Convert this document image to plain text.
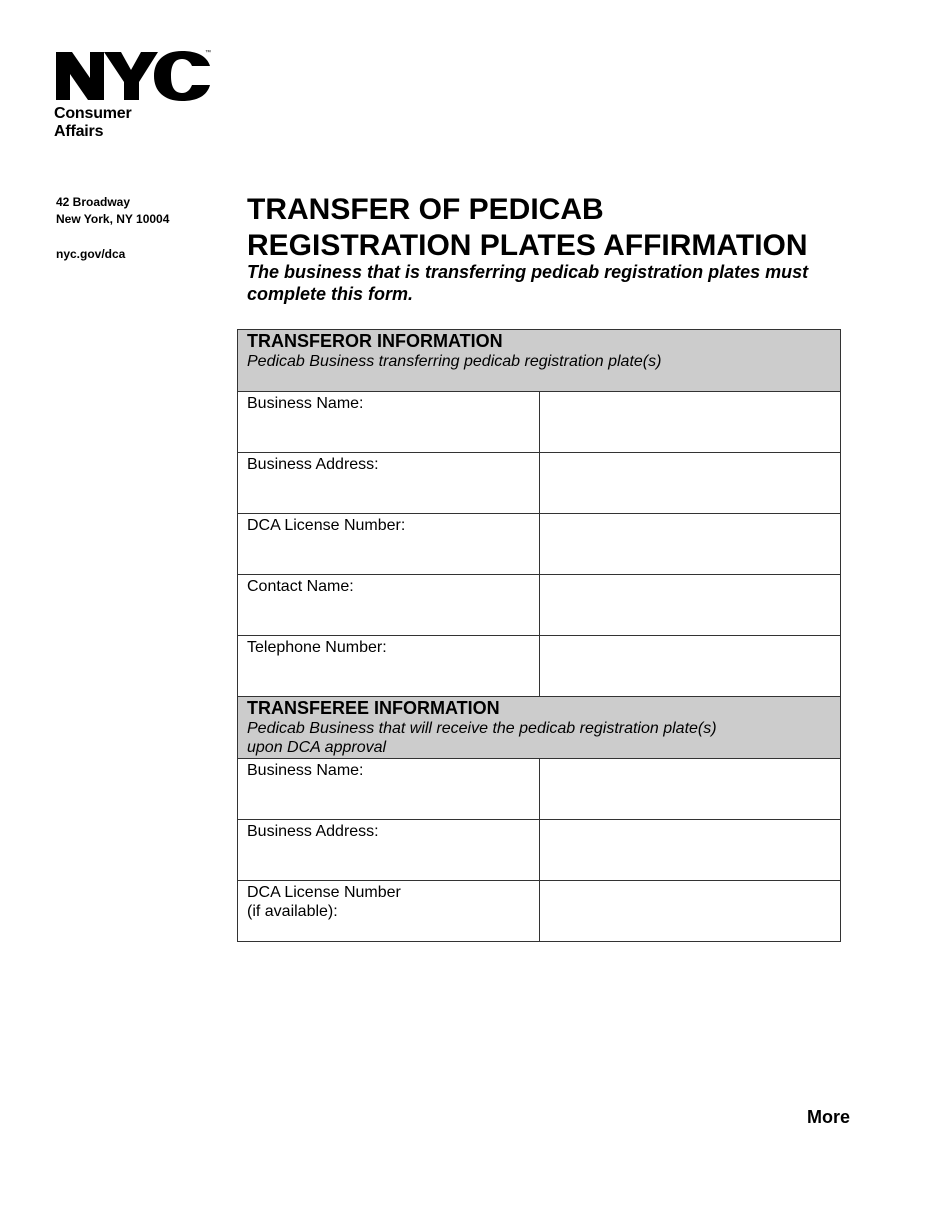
™
Consumer
Affairs
42 Broadway
New York, NY 10004
nyc.gov/dca
TRANSFER OF PEDICAB
REGISTRATION PLATES AFFIRMATION
The business that is transferring pedicab registration plates must complete this form.
TRANSFEROR INFORMATION
Pedicab Business transferring pedicab registration plate(s)	

Business Name:	
Business Address:	
DCA License Number:	
Contact Name:	
Telephone Number:	

TRANSFEREE INFORMATION
Pedicab Business that will receive the pedicab registration plate(s)
upon DCA approval	

Business Name:	
Business Address:	

DCA License Number
(if available):	

More
